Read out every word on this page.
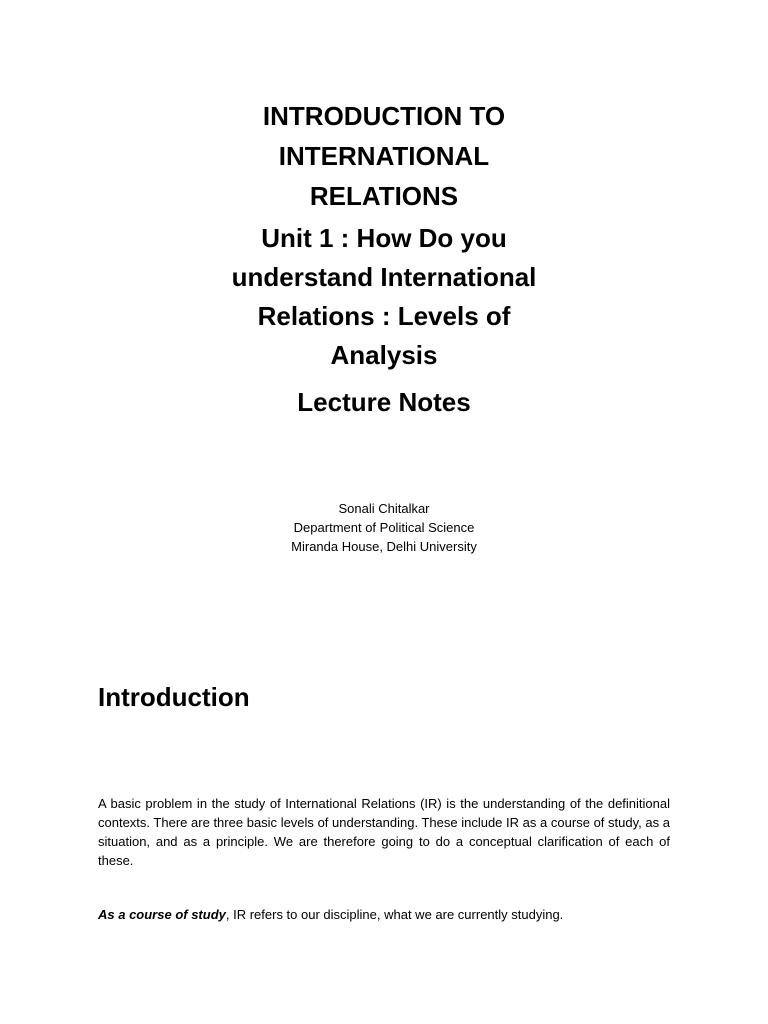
INTRODUCTION TO
INTERNATIONAL
RELATIONS
Unit 1 : How Do you
understand International
Relations : Levels of
Analysis
Lecture Notes
Sonali Chitalkar
Department of Political Science
Miranda House, Delhi University
Introduction

A basic problem in the study of International Relations (IR) is the understanding of the definitional contexts. There are three basic levels of understanding. These include IR as a course of study, as a situation, and as a principle. We are therefore going to do a conceptual clarification of each of these.

As a course of study, IR refers to our discipline, what we are currently studying.
